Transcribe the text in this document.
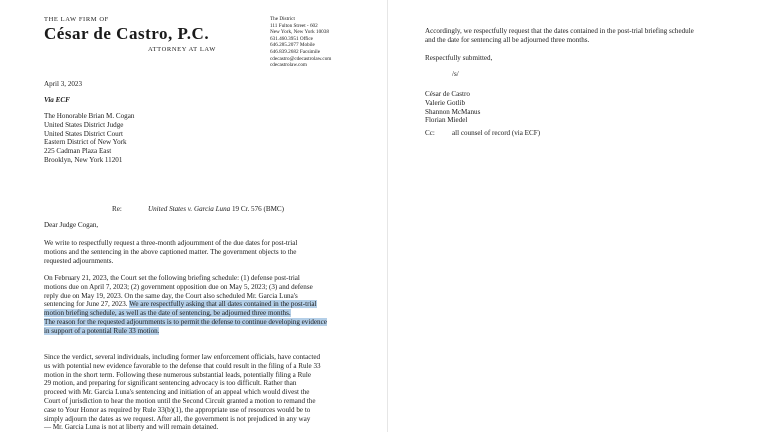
THE LAW FIRM OF
César de Castro, P.C.
ATTORNEY AT LAW
The District
111 Fulton Street - 602
New York, New York 10038
631.460.3951 Office
646.285.2077 Mobile
646.839.2682 Facsimile
cdecastro@cdecastrolaw.com
cdecastrolaw.com
April 3, 2023
Via ECF
The Honorable Brian M. Cogan
United States District Judge
United States District Court
Eastern District of New York
225 Cadman Plaza East
Brooklyn, New York 11201
Re:	United States v. Garcia Luna 19 Cr. 576 (BMC)
Dear Judge Cogan,
We write to respectfully request a three-month adjournment of the due dates for post-trial
motions and the sentencing in the above captioned matter. The government objects to the
requested adjournments.
On February 21, 2023, the Court set the following briefing schedule: (1) defense post-trial
motions due on April 7, 2023; (2) government opposition due on May 5, 2023; (3) and defense
reply due on May 19, 2023. On the same day, the Court also scheduled Mr. Garcia Luna's
sentencing for June 27, 2023. We are respectfully asking that all dates contained in the post-trial
motion briefing schedule, as well as the date of sentencing, be adjourned three months.
The reason for the requested adjournments is to permit the defense to continue developing evidence
in support of a potential Rule 33 motion.
Since the verdict, several individuals, including former law enforcement officials, have contacted
us with potential new evidence favorable to the defense that could result in the filing of a Rule 33
motion in the short term. Following these numerous substantial leads, potentially filing a Rule
29 motion, and preparing for significant sentencing advocacy is too difficult. Rather than
proceed with Mr. Garcia Luna's sentencing and initiation of an appeal which would divest the
Court of jurisdiction to hear the motion until the Second Circuit granted a motion to remand the
case to Your Honor as required by Rule 33(b)(1), the appropriate use of resources would be to
simply adjourn the dates as we request. After all, the government is not prejudiced in any way
— Mr. Garcia Luna is not at liberty and will remain detained.
Accordingly, we respectfully request that the dates contained in the post-trial briefing schedule
and the date for sentencing all be adjourned three months.
Respectfully submitted,
/s/
César de Castro
Valerie Gotlib
Shannon McManus
Florian Miedel
Cc: all counsel of record (via ECF)
